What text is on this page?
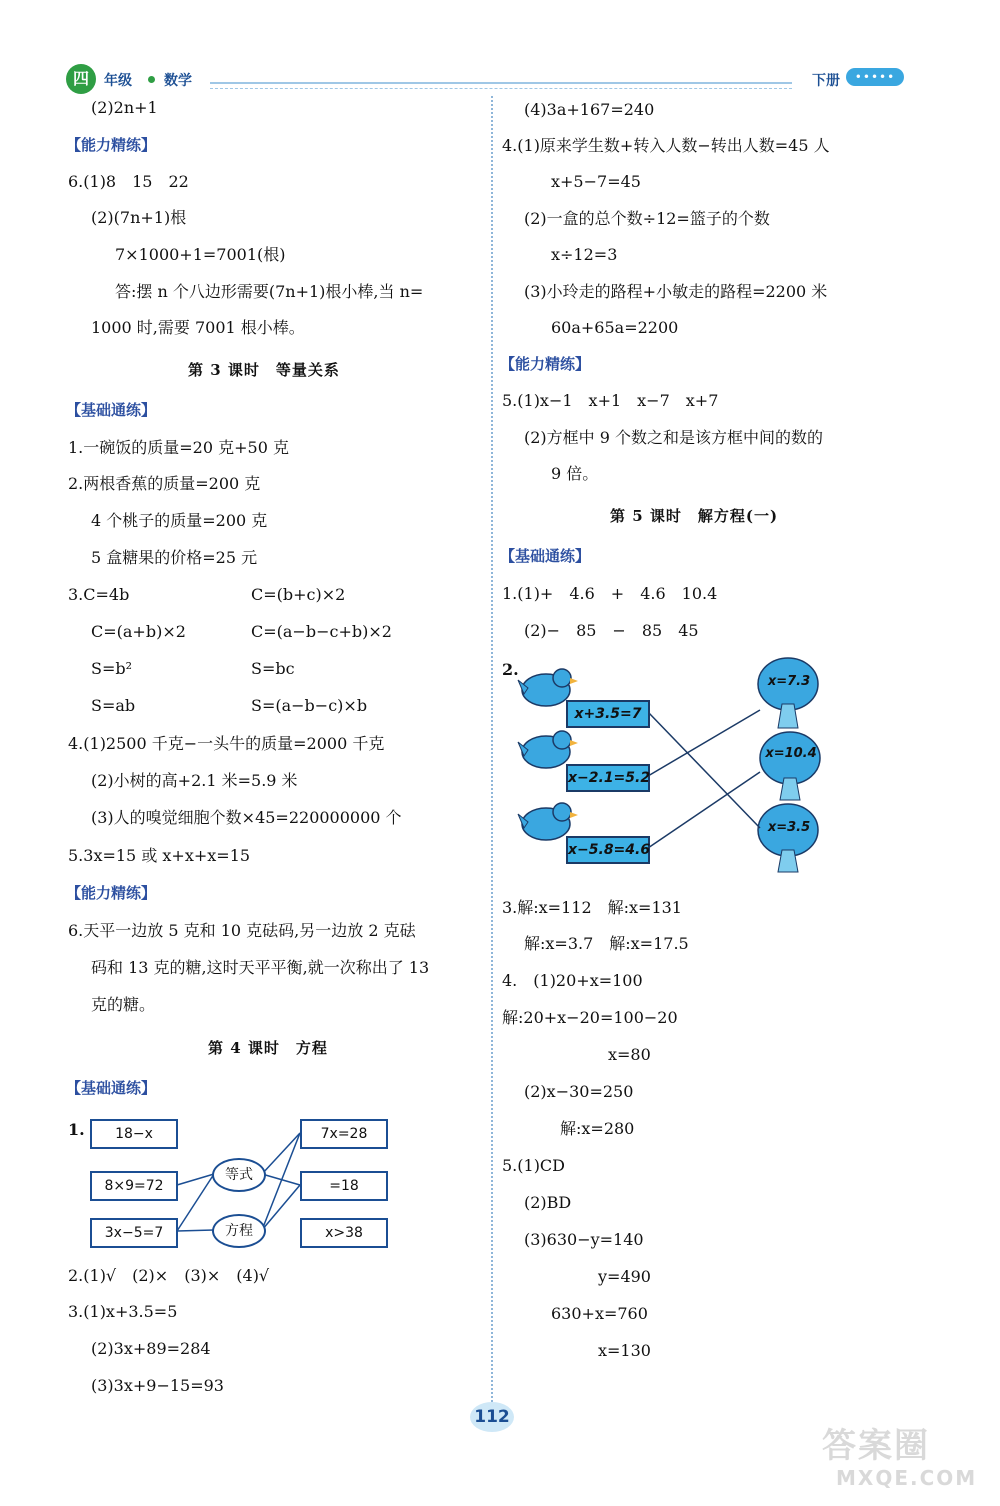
四	年级 数学	下册	•••••
(2)2n+1
【能力精练】
6.(1)8　15　22
(2)(7n+1)根
7×1000+1=7001(根)
答:摆 n 个八边形需要(7n+1)根小棒,当 n=
1000 时,需要 7001 根小棒。
第 3 课时　等量关系
【基础通练】
1.一碗饭的质量=20 克+50 克
2.两根香蕉的质量=200 克
4 个桃子的质量=200 克
5 盒糖果的价格=25 元
3.C=4b	C=(b+c)×2
C=(a+b)×2	C=(a−b−c+b)×2
S=b²	S=bc
S=ab	S=(a−b−c)×b
4.(1)2500 千克−一头牛的质量=2000 千克
(2)小树的高+2.1 米=5.9 米
(3)人的嗅觉细胞个数×45=220000000 个
5.3x=15 或 x+x+x=15
【能力精练】
6.天平一边放 5 克和 10 克砝码,另一边放 2 克砝
码和 13 克的糖,这时天平平衡,就一次称出了 13
克的糖。
第 4 课时　方程
【基础通练】
1.	18−x
8×9=72
3x−5=7
等式
方程
7x=28
=18
x>38
2.(1)√　(2)×　(3)×　(4)√
3.(1)x+3.5=5
(2)3x+89=284
(3)3x+9−15=93
(4)3a+167=240
4.(1)原来学生数+转入人数−转出人数=45 人
x+5−7=45
(2)一盒的总个数÷12=篮子的个数
x÷12=3
(3)小玲走的路程+小敏走的路程=2200 米
60a+65a=2200
【能力精练】
5.(1)x−1　x+1　x−7　x+7
(2)方框中 9 个数之和是该方框中间的数的
9 倍。
第 5 课时　解方程(一)
【基础通练】
1.(1)+　4.6　+　4.6　10.4
(2)−　85　−　85　45
2.
x+3.5=7
x−2.1=5.2
x−5.8=4.6
x=7.3
x=10.4
x=3.5
3.解:x=112　解:x=131
解:x=3.7　解:x=17.5
4.　(1)20+x=100
解:20+x−20=100−20
x=80
(2)x−30=250
解:x=280
5.(1)CD
(2)BD
(3)630−y=140
y=490
630+x=760
x=130
112
答案圈
MXQE.COM
